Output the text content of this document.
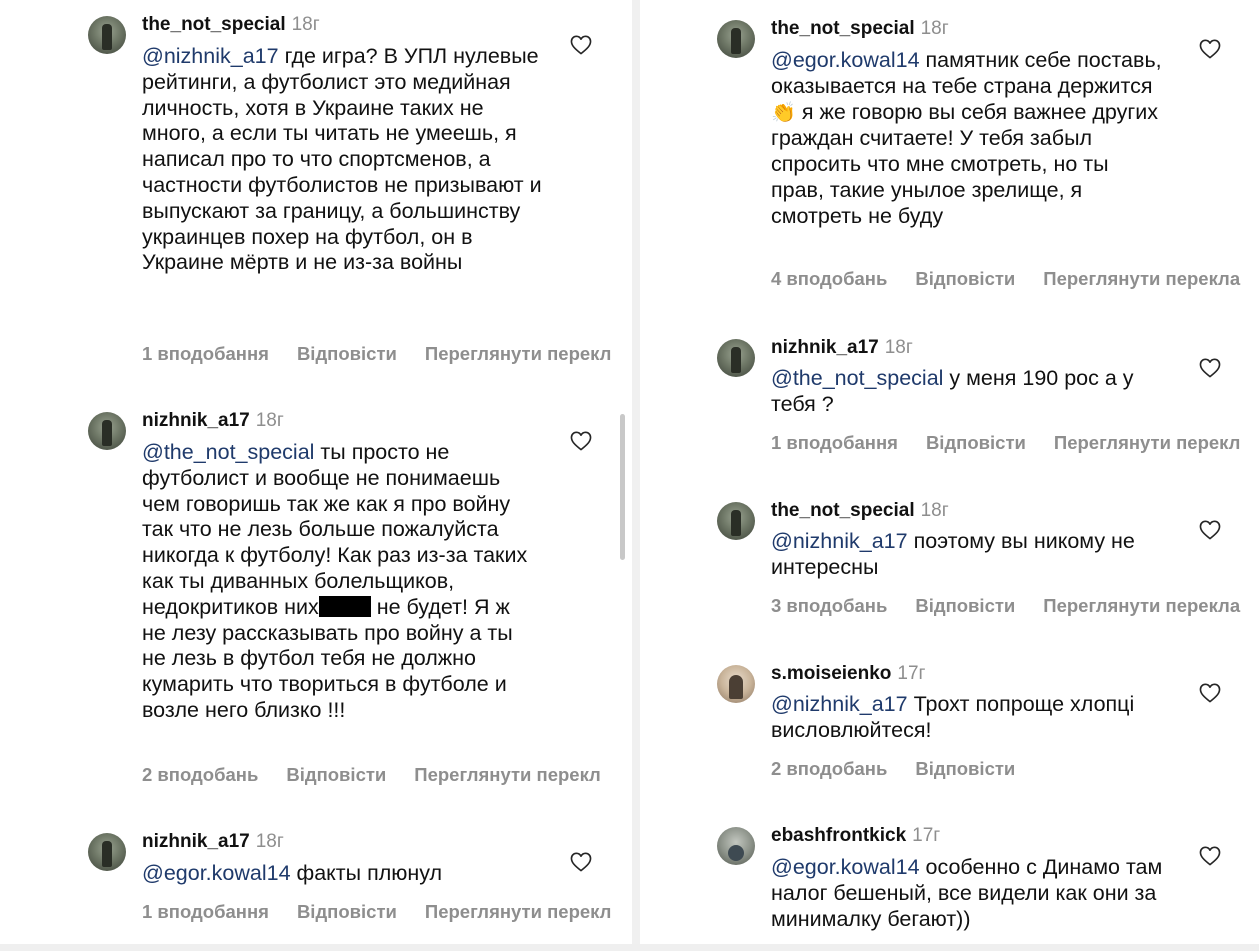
the_not_special 18г
@nizhnik_a17 где игра? В УПЛ нулевые рейтинги, а футболист это медийная личность, хотя в Украине таких не много, а если ты читать не умеешь, я написал про то что спортсменов, а частности футболистов не призывают и выпускают за границу, а большинству украинцев похер на футбол, он в Украине мёртв и не из-за войны
1 вподобання Відповісти Переглянути перекл
nizhnik_a17 18г
@the_not_special ты просто не футболист и вообще не понимаешь чем говоришь так же как я про войну так что не лезь больше пожалуйста никогда к футболу! Как раз из-за таких как ты диванных болельщиков, недокритиков них не будет! Я ж не лезу рассказывать про войну а ты не лезь в футбол тебя не должно кумарить что твориться в футболе и возле него близко !!!
2 вподобань Відповісти Переглянути перекл
nizhnik_a17 18г
@egor.kowal14 факты плюнул
1 вподобання Відповісти Переглянути перекл
the_not_special 18г
@egor.kowal14 памятник себе поставь, оказывается на тебе страна держится 👏 я же говорю вы себя важнее других граждан считаете! У тебя забыл спросить что мне смотреть, но ты прав, такие унылое зрелище, я смотреть не буду
4 вподобань Відповісти Переглянути перекла
nizhnik_a17 18г
@the_not_special у меня 190 рос а у тебя ?
1 вподобання Відповісти Переглянути перекл
the_not_special 18г
@nizhnik_a17 поэтому вы никому не интересны
3 вподобань Відповісти Переглянути перекла
s.moiseienko 17г
@nizhnik_a17 Трохт попроще хлопці висловлюйтеся!
2 вподобань Відповісти
ebashfrontkick 17г
@egor.kowal14 особенно с Динамо там налог бешеный, все видели как они за минималку бегают))
